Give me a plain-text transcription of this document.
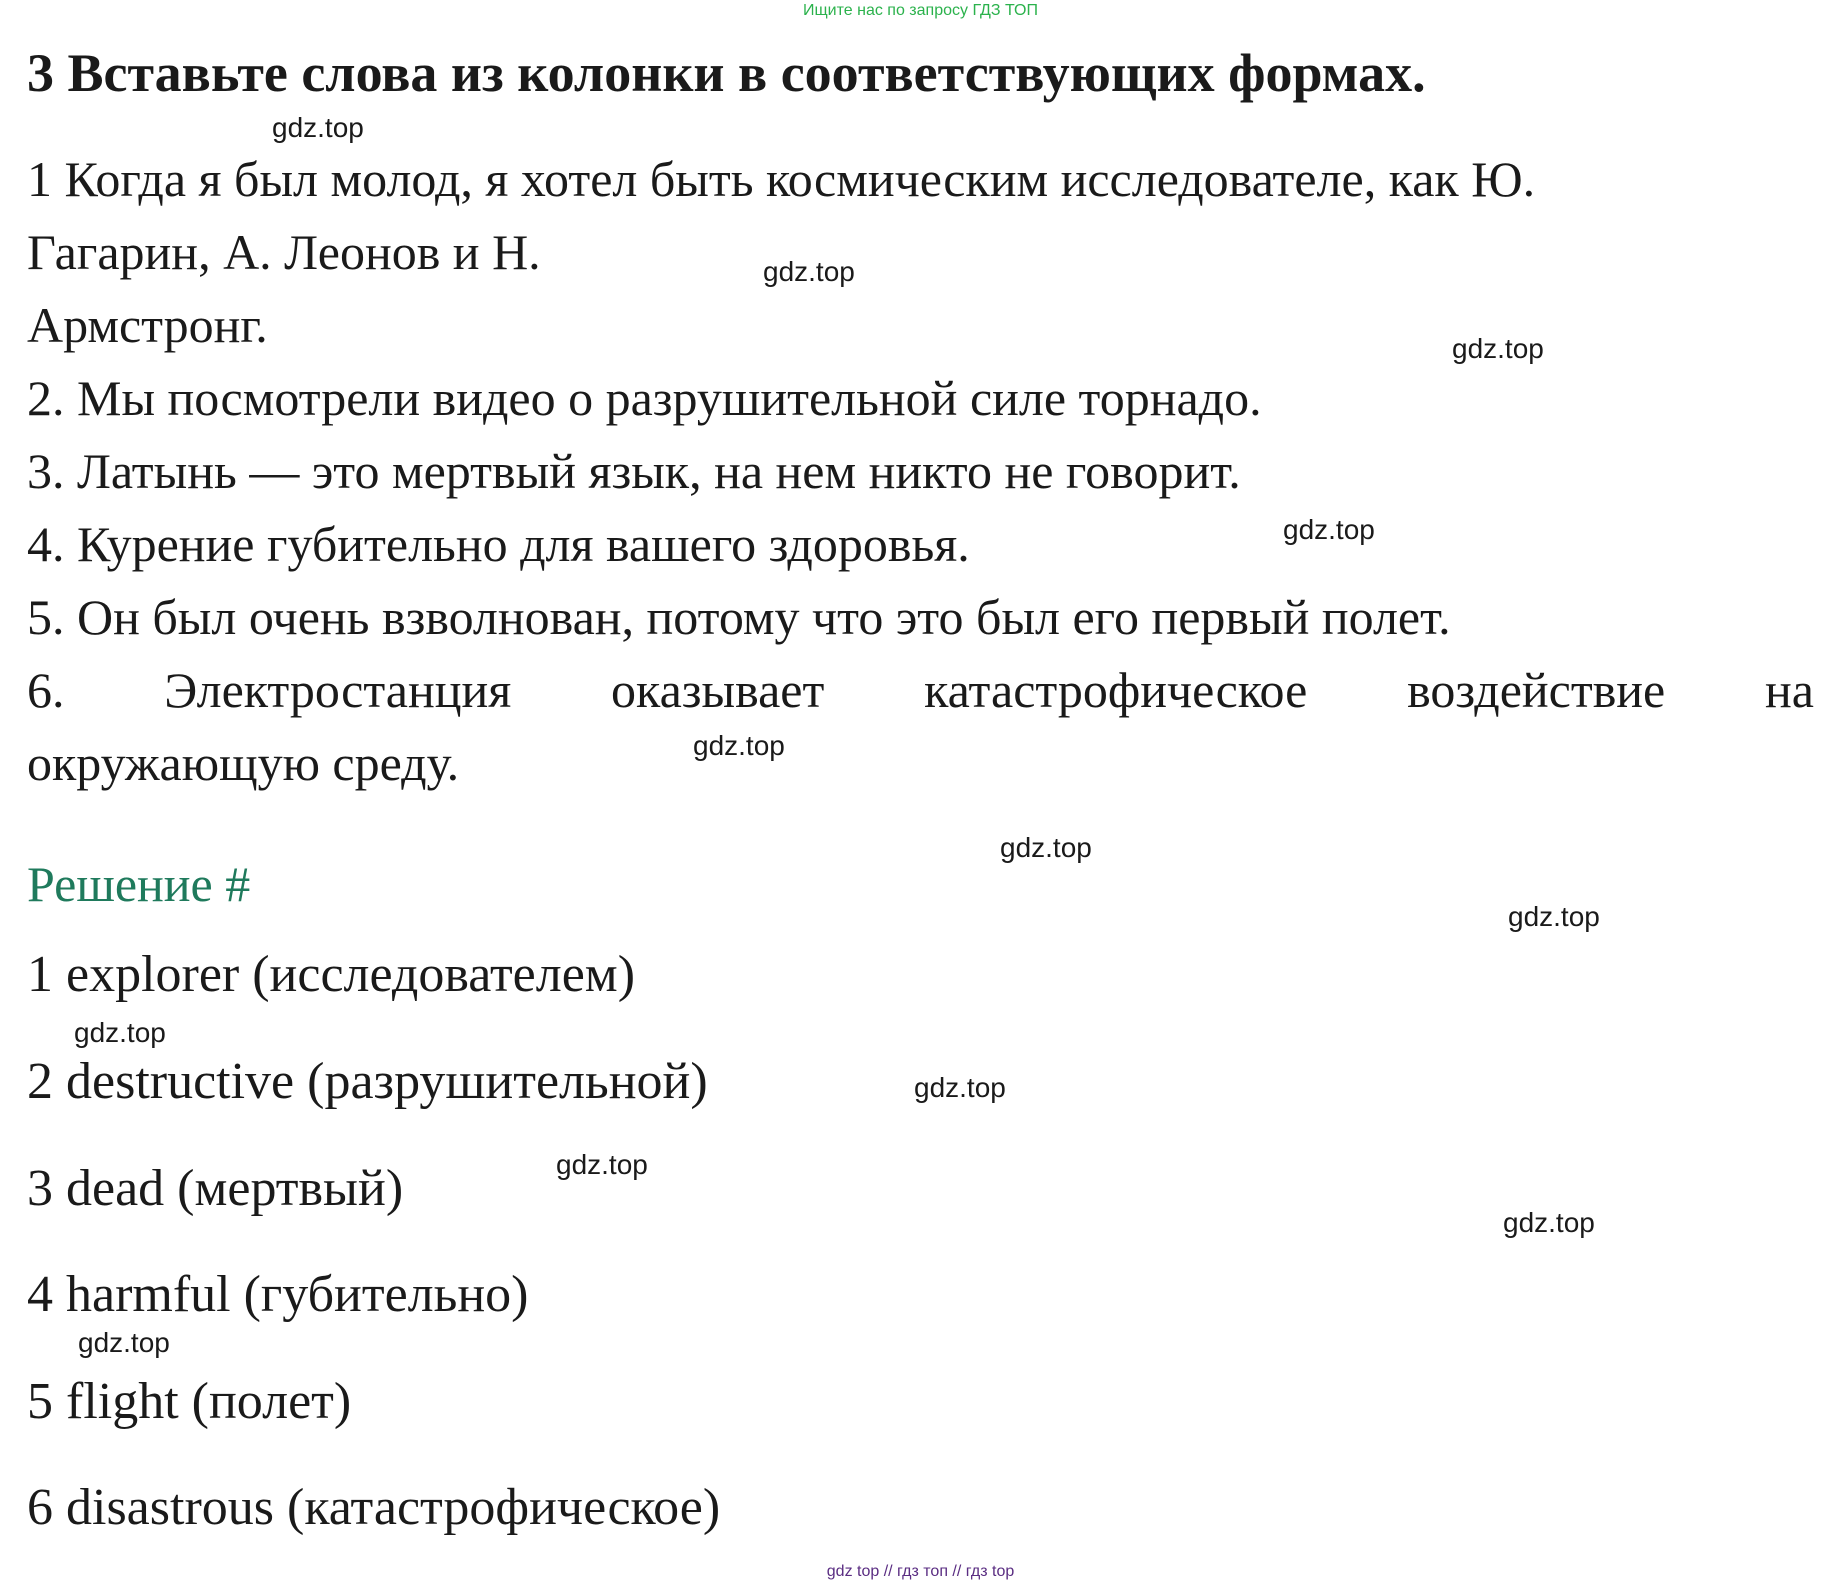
Ищите нас по запросу ГДЗ ТОП
3 Вставьте слова из колонки в соответствующих формах.
1 Когда я был молод, я хотел быть космическим исследователе, как Ю.
Гагарин, А. Леонов и Н.
Армстронг.
2. Мы посмотрели видео о разрушительной силе торнадо.
3. Латынь — это мертвый язык, на нем никто не говорит.
4. Курение губительно для вашего здоровья.
5. Он был очень взволнован, потому что это был его первый полет.
6. Электростанция оказывает катастрофическое воздействие на
окружающую среду.
Решение #
1 explorer (исследователем)
2 destructive (разрушительной)
3 dead (мертвый)
4 harmful (губительно)
5 flight (полет)
6 disastrous (катастрофическое)
gdz.top
gdz.top
gdz.top
gdz.top
gdz.top
gdz.top
gdz.top
gdz.top
gdz.top
gdz.top
gdz.top
gdz.top
gdz top // гдз топ // гдз top
